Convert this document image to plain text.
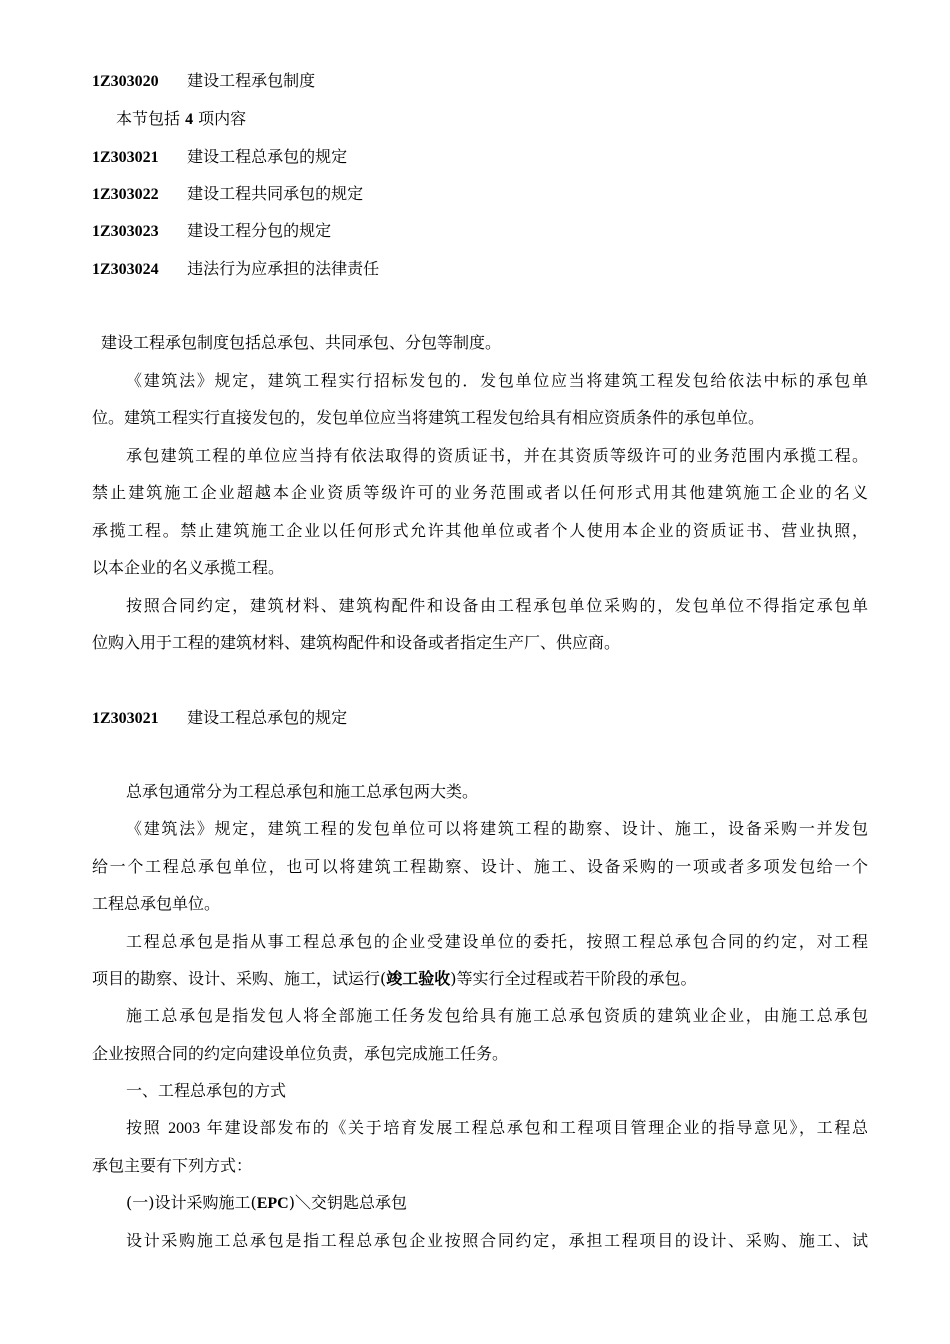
1Z303020 建设工程承包制度
本节包括 4 项内容
1Z303021 建设工程总承包的规定
1Z303022 建设工程共同承包的规定
1Z303023 建设工程分包的规定
1Z303024 违法行为应承担的法律责任
建设工程承包制度包括总承包、共同承包、分包等制度。
《建筑法》规定，建筑工程实行招标发包的．发包单位应当将建筑工程发包给依法中标的承包单
位。建筑工程实行直接发包的，发包单位应当将建筑工程发包给具有相应资质条件的承包单位。
承包建筑工程的单位应当持有依法取得的资质证书，并在其资质等级许可的业务范围内承揽工程。
禁止建筑施工企业超越本企业资质等级许可的业务范围或者以任何形式用其他建筑施工企业的名义
承揽工程。禁止建筑施工企业以任何形式允许其他单位或者个人使用本企业的资质证书、营业执照，
以本企业的名义承揽工程。
按照合同约定，建筑材料、建筑构配件和设备由工程承包单位采购的，发包单位不得指定承包单
位购入用于工程的建筑材料、建筑构配件和设备或者指定生产厂、供应商。
1Z303021 建设工程总承包的规定
总承包通常分为工程总承包和施工总承包两大类。
《建筑法》规定，建筑工程的发包单位可以将建筑工程的勘察、设计、施工，设备采购一并发包
给一个工程总承包单位，也可以将建筑工程勘察、设计、施工、设备采购的一项或者多项发包给一个
工程总承包单位。
工程总承包是指从事工程总承包的企业受建设单位的委托，按照工程总承包合同的约定，对工程
项目的勘察、设计、采购、施工，试运行(竣工验收)等实行全过程或若干阶段的承包。
施工总承包是指发包人将全部施工任务发包给具有施工总承包资质的建筑业企业，由施工总承包
企业按照合同的约定向建设单位负责，承包完成施工任务。
一、工程总承包的方式
按照 2003 年建设部发布的《关于培育发展工程总承包和工程项目管理企业的指导意见》，工程总
承包主要有下列方式：
(一)设计采购施工(EPC)＼交钥匙总承包
设计采购施工总承包是指工程总承包企业按照合同约定，承担工程项目的设计、采购、施工、试
